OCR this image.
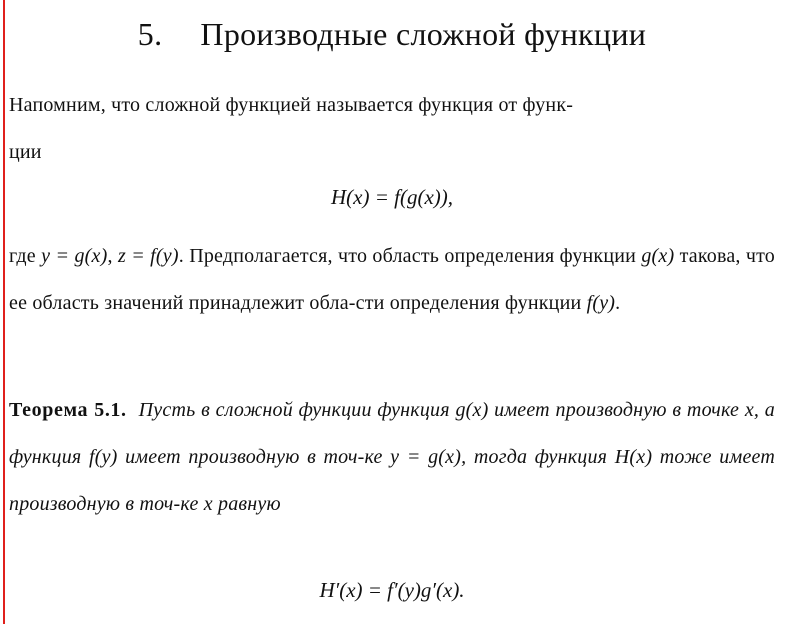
5. Производные сложной функции
Напомним, что сложной функцией называется функция от функ-
ции
H(x) = f(g(x)),
где y = g(x), z = f(y). Предполагается, что область определения функции g(x) такова, что ее область значений принадлежит обла-сти определения функции f(y).
Теорема 5.1. Пусть в сложной функции функция g(x) имеет производную в точке x, а функция f(y) имеет производную в точ-ке y = g(x), тогда функция H(x) тоже имеет производную в точ-ке x равную
H′(x) = f′(y)g′(x).
